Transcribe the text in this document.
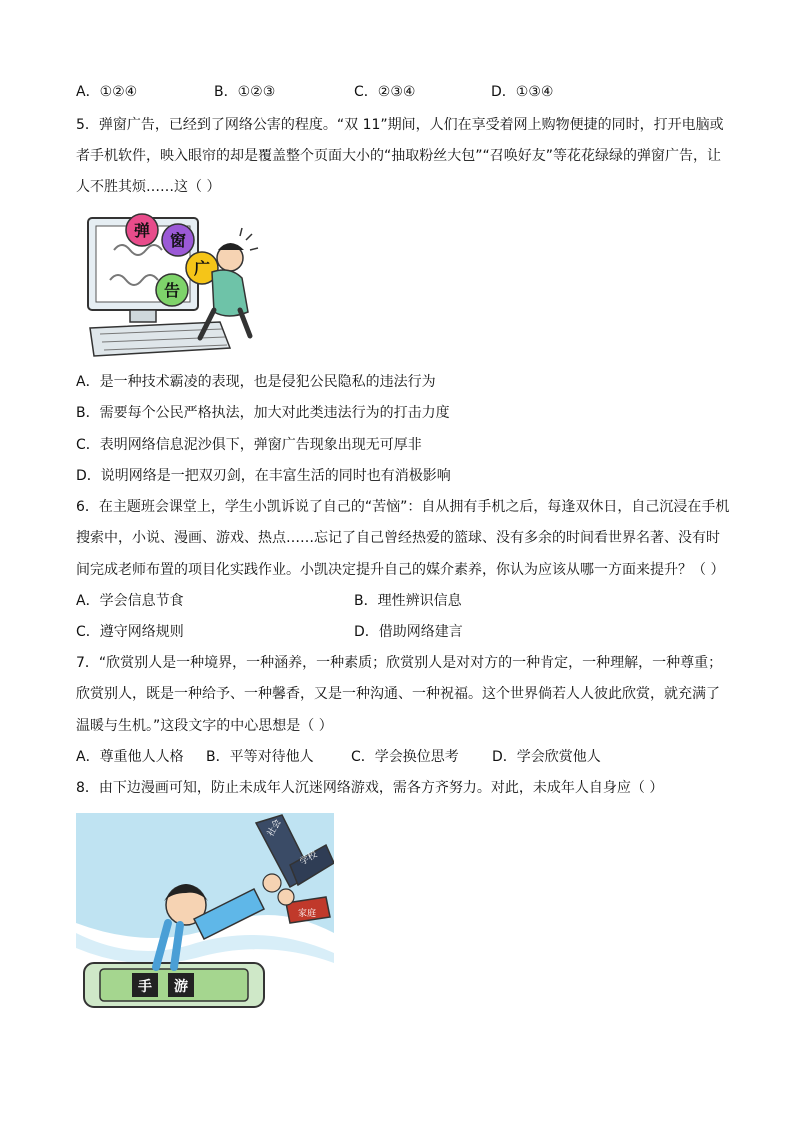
A．①②④	B．①②③	C．②③④	D．①③④
5．弹窗广告，已经到了网络公害的程度。“双 11”期间，人们在享受着网上购物便捷的同时，打开电脑或
者手机软件，映入眼帘的却是覆盖整个页面大小的“抽取粉丝大包”“召唤好友”等花花绿绿的弹窗广告，让
人不胜其烦……这（ ）
弹
窗
广
告
A．是一种技术霸凌的表现，也是侵犯公民隐私的违法行为
B．需要每个公民严格执法，加大对此类违法行为的打击力度
C．表明网络信息泥沙俱下，弹窗广告现象出现无可厚非
D．说明网络是一把双刃剑，在丰富生活的同时也有消极影响
6．在主题班会课堂上，学生小凯诉说了自己的“苦恼”：自从拥有手机之后，每逢双休日，自己沉浸在手机
搜索中，小说、漫画、游戏、热点……忘记了自己曾经热爱的篮球、没有多余的时间看世界名著、没有时
间完成老师布置的项目化实践作业。小凯决定提升自己的媒介素养，你认为应该从哪一方面来提升？（ ）
A．学会信息节食	B．理性辨识信息
C．遵守网络规则	D．借助网络建言
7．“欣赏别人是一种境界，一种涵养，一种素质；欣赏别人是对对方的一种肯定，一种理解，一种尊重；
欣赏别人，既是一种给予、一种馨香，又是一种沟通、一种祝福。这个世界倘若人人彼此欣赏，就充满了
温暖与生机。”这段文字的中心思想是（ ）
A．尊重他人人格 B．平等对待他人	C．学会换位思考 D．学会欣赏他人
8．由下边漫画可知，防止未成年人沉迷网络游戏，需各方齐努力。对此，未成年人自身应（ ）
手 游
社会
学校
家庭
